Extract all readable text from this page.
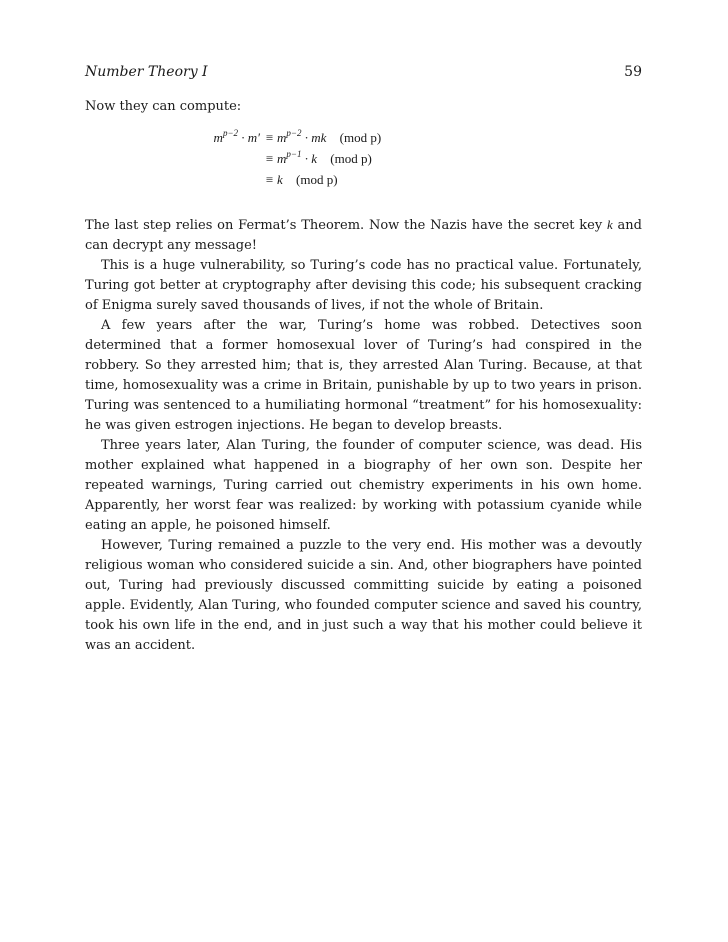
Number Theory I	59
Now they can compute:
$m^{p-2} \cdot m' \equiv m^{p-2}$ · mk (mod p)
≡ $m^{p-1} \cdot k$ (mod p)
≡ k (mod p)

The last step relies on Fermat’s Theorem. Now the Nazis have the secret key k and can decrypt any message!

This is a huge vulnerability, so Turing’s code has no practical value. Fortunately, Turing got better at cryptography after devising this code; his subsequent cracking of Enigma surely saved thousands of lives, if not the whole of Britain.

A few years after the war, Turing’s home was robbed. Detectives soon determined that a former homosexual lover of Turing’s had conspired in the robbery. So they arrested him; that is, they arrested Alan Turing. Because, at that time, homosexuality was a crime in Britain, punishable by up to two years in prison. Turing was sentenced to a humiliating hormonal “treatment” for his homosexuality: he was given estrogen injections. He began to develop breasts.

Three years later, Alan Turing, the founder of computer science, was dead. His mother explained what happened in a biography of her own son. Despite her repeated warnings, Turing carried out chemistry experiments in his own home. Apparently, her worst fear was realized: by working with potassium cyanide while eating an apple, he poisoned himself.

However, Turing remained a puzzle to the very end. His mother was a devoutly religious woman who considered suicide a sin. And, other biographers have pointed out, Turing had previously discussed committing suicide by eating a poisoned apple. Evidently, Alan Turing, who founded computer science and saved his country, took his own life in the end, and in just such a way that his mother could believe it was an accident.
